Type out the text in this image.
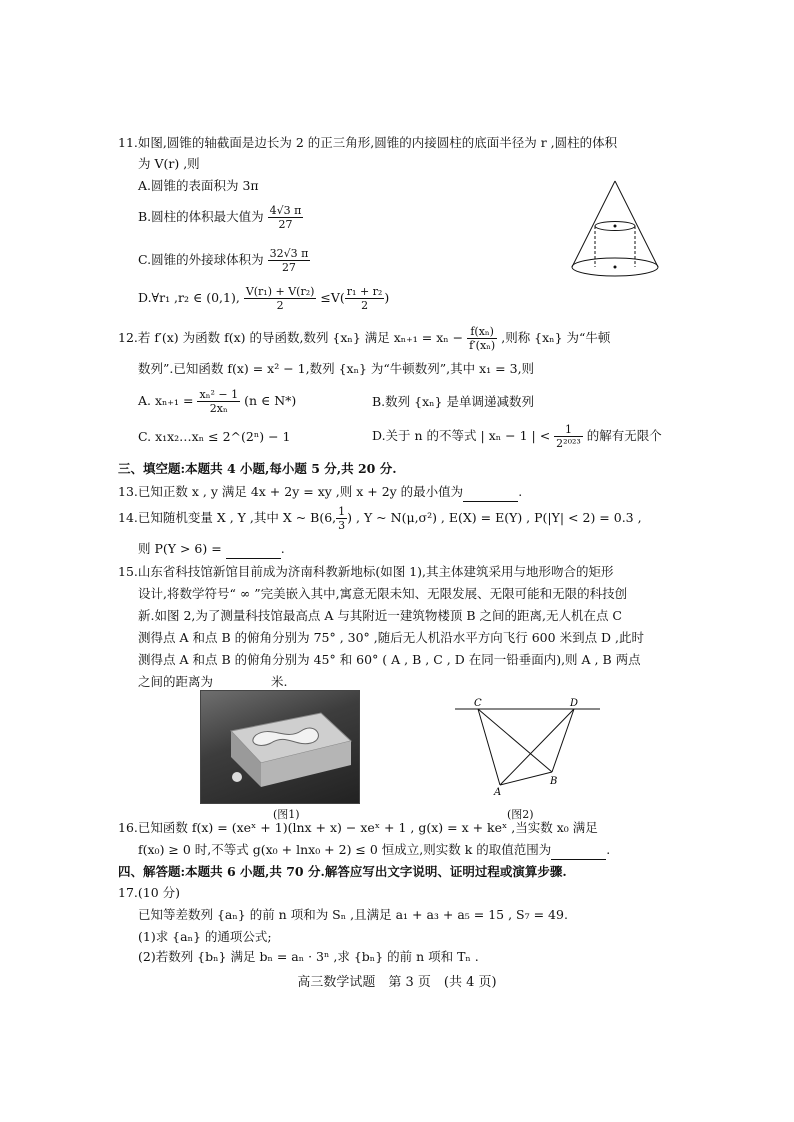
11.如图,圆锥的轴截面是边长为 2 的正三角形,圆锥的内接圆柱的底面半径为 r ,圆柱的体积
为 V(r) ,则
A.圆锥的表面积为 3π
B.圆柱的体积最大值为 $\frac{4√3 \pi}{27}$
C.圆锥的外接球体积为 $\frac{32√3 \pi}{27}$
D.∀r₁ ,r₂ ∈ (0,1), $\frac{\text{V(r₁) + V(r₂)}}{2} \le V( \frac{\text{r₁ + r₂}}{2}$ )
12.若 f′(x) 为函数 f(x) 的导函数,数列 {xₙ} 满足 $x_{n+1} = x_n - \frac{\text{f(xₙ)}}{\text{f′(xₙ)}}$ ,则称 {xₙ} 为“牛顿
数列”.已知函数 f(x) = x² − 1,数列 {xₙ} 为“牛顿数列”,其中 x₁ = 3,则
A. $x_{n+1} = \frac{\text{xₙ² − 1}}{\text{2xₙ}} (n$ ∈ N*)	B.数列 {xₙ} 是单调递减数列
C. x₁x₂…xₙ ≤ 2^(2ⁿ) − 1	D.关于 n 的不等式 | xₙ − 1 | < $\frac{1}{\text{2²⁰²³}}$ 的解有无限个
三、填空题:本题共 4 小题,每小题 5 分,共 20 分.
13.已知正数 x , y 满足 4x + 2y = xy ,则 x + 2y 的最小值为	.
14.已知随机变量 X , Y ,其中 X ~ B(6, $\frac{1}{3}$ ) , Y ~ N(μ,σ²) , E(X) = E(Y) , P(|Y| < 2) = 0.3 ,
则 P(Y > 6) =	.
15.山东省科技馆新馆目前成为济南科教新地标(如图 1),其主体建筑采用与地形吻合的矩形
设计,将数学符号“ ∞ ”完美嵌入其中,寓意无限未知、无限发展、无限可能和无限的科技创
新.如图 2,为了测量科技馆最高点 A 与其附近一建筑物楼顶 B 之间的距离,无人机在点 C
测得点 A 和点 B 的俯角分别为 75° , 30° ,随后无人机沿水平方向飞行 600 米到点 D ,此时
测得点 A 和点 B 的俯角分别为 45° 和 60° ( A , B , C , D 在同一铅垂面内),则 A , B 两点
之间的距离为	米.
(图1)
C	D
B
A
(图2)
16.已知函数 f(x) = (xeˣ + 1)(lnx + x) − xeˣ + 1 , g(x) = x + keˣ ,当实数 x₀ 满足
f(x₀) ≥ 0 时,不等式 g(x₀ + lnx₀ + 2) ≤ 0 恒成立,则实数 k 的取值范围为	.
四、解答题:本题共 6 小题,共 70 分.解答应写出文字说明、证明过程或演算步骤.
17.(10 分)
已知等差数列 {aₙ} 的前 n 项和为 Sₙ ,且满足 a₁ + a₃ + a₅ = 15 , S₇ = 49.
(1)求 {aₙ} 的通项公式;
(2)若数列 {bₙ} 满足 bₙ = aₙ · 3ⁿ ,求 {bₙ} 的前 n 项和 Tₙ .
高三数学试题　第 3 页　(共 4 页)
